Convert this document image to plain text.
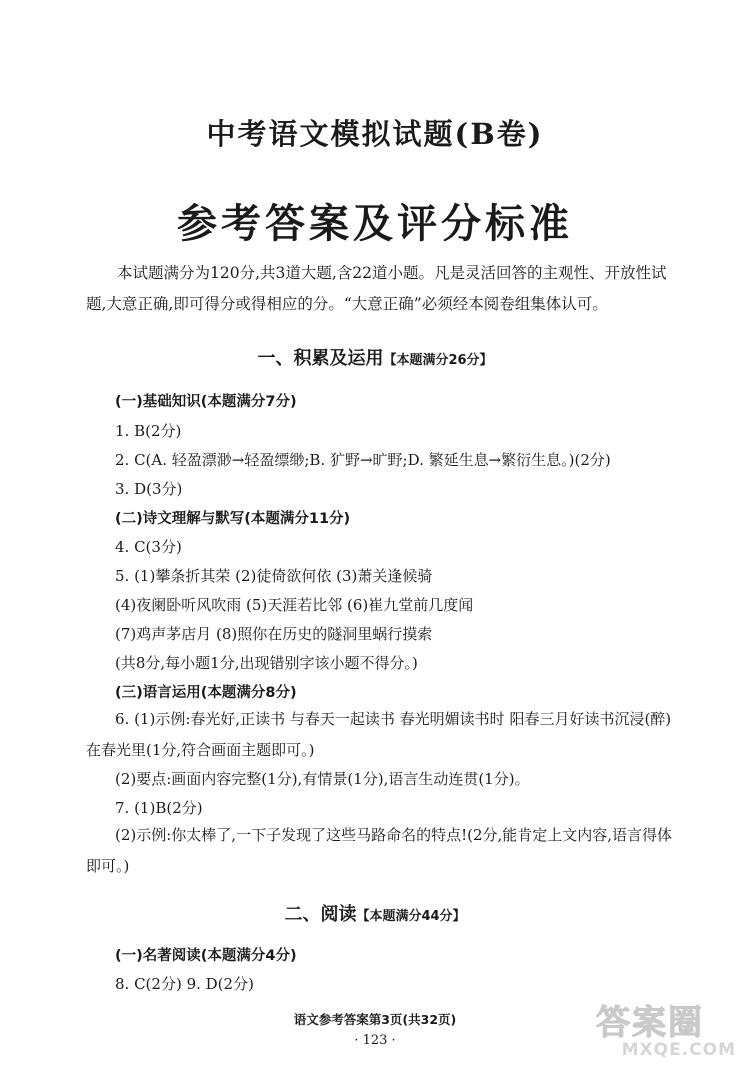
中考语文模拟试题(B卷)
参考答案及评分标准
本试题满分为120分,共3道大题,含22道小题。凡是灵活回答的主观性、开放性试题,大意正确,即可得分或得相应的分。“大意正确”必须经本阅卷组集体认可。
一、积累及运用【本题满分26分】
(一)基础知识(本题满分7分)
1. B(2分)
2. C(A. 轻盈漂渺→轻盈缥缈;B. 犷野→旷野;D. 繁延生息→繁衍生息。)(2分)
3. D(3分)
(二)诗文理解与默写(本题满分11分)
4. C(3分)
5. (1)攀条折其荣 (2)徒倚欲何依 (3)萧关逢候骑
(4)夜阑卧听风吹雨 (5)天涯若比邻 (6)崔九堂前几度闻
(7)鸡声茅店月 (8)照你在历史的隧洞里蜗行摸索
(共8分,每小题1分,出现错别字该小题不得分。)
(三)语言运用(本题满分8分)
6. (1)示例:春光好,正读书 与春天一起读书 春光明媚读书时 阳春三月好读书沉浸(醉)在春光里(1分,符合画面主题即可。)
(2)要点:画面内容完整(1分),有情景(1分),语言生动连贯(1分)。
7. (1)B(2分)
(2)示例:你太棒了,一下子发现了这些马路命名的特点!(2分,能肯定上文内容,语言得体即可。)
二、阅读【本题满分44分】
(一)名著阅读(本题满分4分)
8. C(2分) 9. D(2分)
语文参考答案第3页(共32页)
· 123 ·	答案圈
MXQE.COM
